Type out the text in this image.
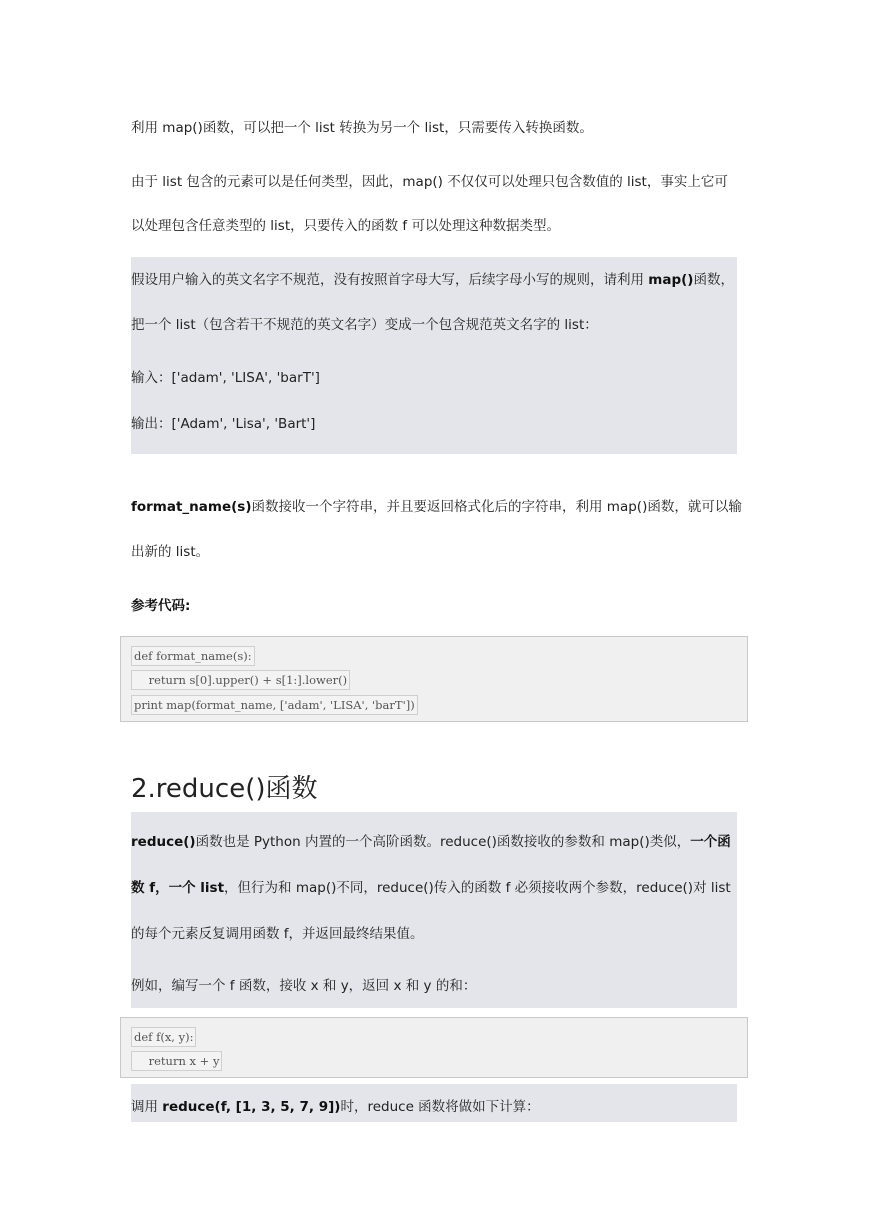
利用 map()函数，可以把一个 list 转换为另一个 list，只需要传入转换函数。
由于 list 包含的元素可以是任何类型，因此，map() 不仅仅可以处理只包含数值的 list，事实上它可
以处理包含任意类型的 list，只要传入的函数 f 可以处理这种数据类型。
假设用户输入的英文名字不规范，没有按照首字母大写，后续字母小写的规则，请利用 map()函数，
把一个 list（包含若干不规范的英文名字）变成一个包含规范英文名字的 list：
输入：['adam', 'LISA', 'barT']
输出：['Adam', 'Lisa', 'Bart']
format_name(s)函数接收一个字符串，并且要返回格式化后的字符串，利用 map()函数，就可以输
出新的 list。
参考代码:
def format_name(s):
return s[0].upper() + s[1:].lower()
print map(format_name, ['adam', 'LISA', 'barT'])
2.reduce()函数
reduce()函数也是 Python 内置的一个高阶函数。reduce()函数接收的参数和 map()类似，一个函
数 f，一个 list，但行为和 map()不同，reduce()传入的函数 f 必须接收两个参数，reduce()对 list
的每个元素反复调用函数 f，并返回最终结果值。
例如，编写一个 f 函数，接收 x 和 y，返回 x 和 y 的和：
def f(x, y):
return x + y
调用 reduce(f, [1, 3, 5, 7, 9])时，reduce 函数将做如下计算：
